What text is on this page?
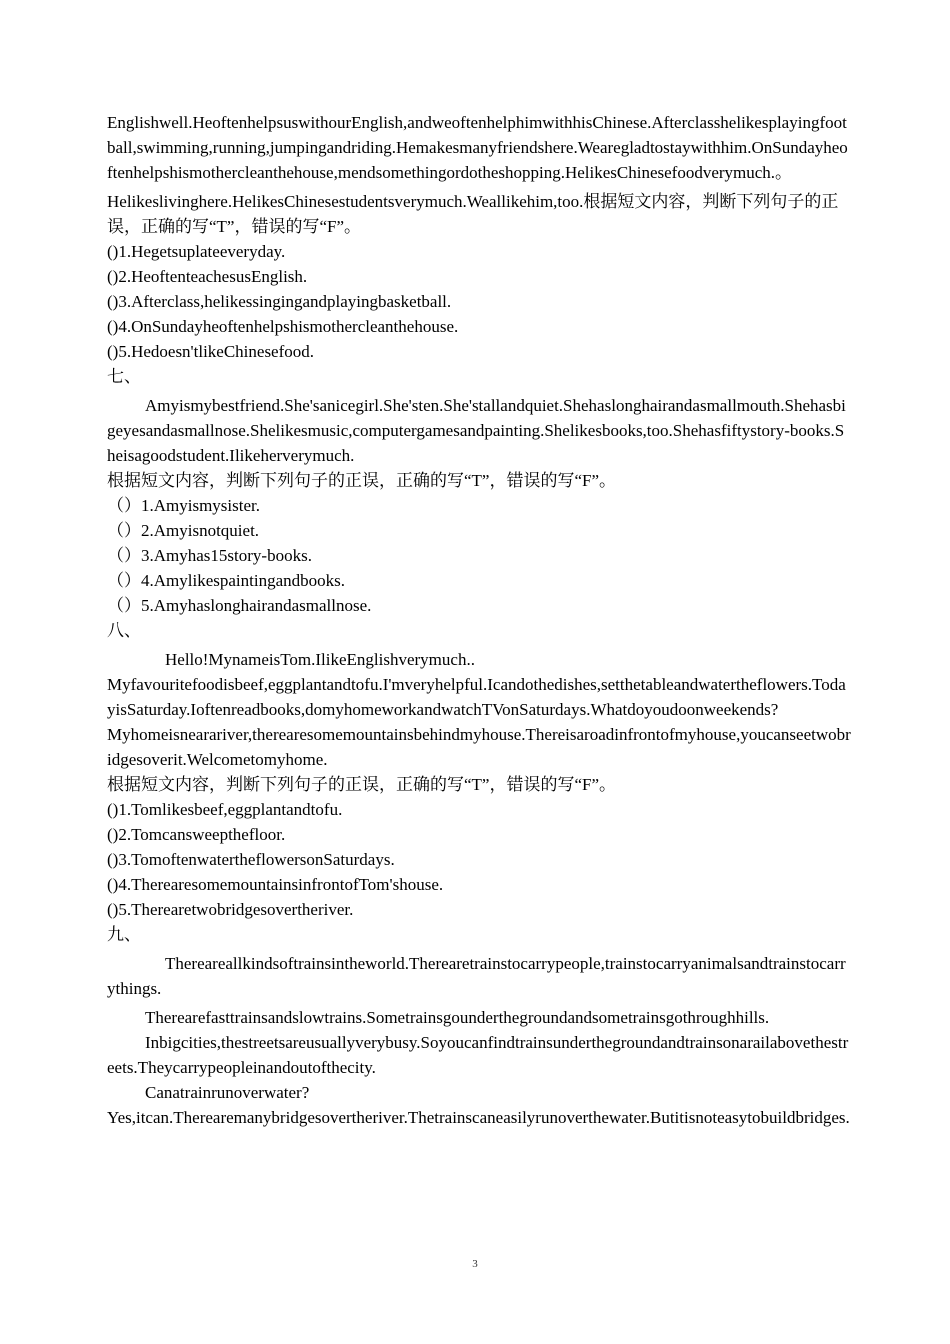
Englishwell.HeoftenhelpsuswithourEnglish,andweoftenhelphimwithhisChinese.Afterclasshelikesplayingfootball,swimming,running,jumpingandriding.Hemakesmanyfriendshere.Wearegladtostaywithhim.OnSundayheoftenhelpshismothercleanthehouse,mendsomethingordotheshopping.HelikesChinesefoodverymuch.。

Helikeslivinghere.HelikesChinesestudentsverymuch.Weallikehim,too.根据短文内容，判断下列句子的正误，正确的写“T”，错误的写“F”。

()1.Hegetsuplateeveryday.

()2.HeoftenteachesusEnglish.

()3.Afterclass,helikessingingandplayingbasketball.

()4.OnSundayheoftenhelpshismothercleanthehouse.

()5.Hedoesn'tlikeChinesefood.

七、

Amyismybestfriend.She'sanicegirl.She'sten.She'stallandquiet.Shehaslonghairandasmallmouth.Shehasbigeyesandasmallnose.Shelikesmusic,computergamesandpainting.Shelikesbooks,too.Shehasfiftystory-books.Sheisagoodstudent.Ilikeherverymuch.

根据短文内容，判断下列句子的正误，正确的写“T”，错误的写“F”。

（）1.Amyismysister.

（）2.Amyisnotquiet.

（）3.Amyhas15story-books.

（）4.Amylikespaintingandbooks.

（）5.Amyhaslonghairandasmallnose.

八、

Hello!MynameisTom.IlikeEnglishverymuch..

Myfavouritefoodisbeef,eggplantandtofu.I'mveryhelpful.Icandothedishes,setthetableandwatertheflowers.TodayisSaturday.Ioftenreadbooks,domyhomeworkandwatchTVonSaturdays.Whatdoyoudoonweekends?

Myhomeisnearariver,therearesomemountainsbehindmyhouse.Thereisaroadinfrontofmyhouse,youcanseetwobridgesoverit.Welcometomyhome.

根据短文内容，判断下列句子的正误，正确的写“T”，错误的写“F”。

()1.Tomlikesbeef,eggplantandtofu.

()2.Tomcansweepthefloor.

()3.TomoftenwatertheflowersonSaturdays.

()4.TherearesomemountainsinfrontofTom'shouse.

()5.Therearetwobridgesovertheriver.

九、

Thereareallkindsoftrainsintheworld.Therearetrainstocarrypeople,trainstocarryanimalsandtrainstocarrythings.

Therearefasttrainsandslowtrains.Sometrainsgounderthegroundandsometrainsgothroughhills.

Inbigcities,thestreetsareusuallyverybusy.Soyoucanfindtrainsunderthegroundandtrainsonarailabovethestreets.Theycarrypeopleinandoutofthecity.

Canatrainrunoverwater?

Yes,itcan.Therearemanybridgesovertheriver.Thetrainscaneasilyrunoverthewater.Butitisnoteasytobuildbridges.

3
